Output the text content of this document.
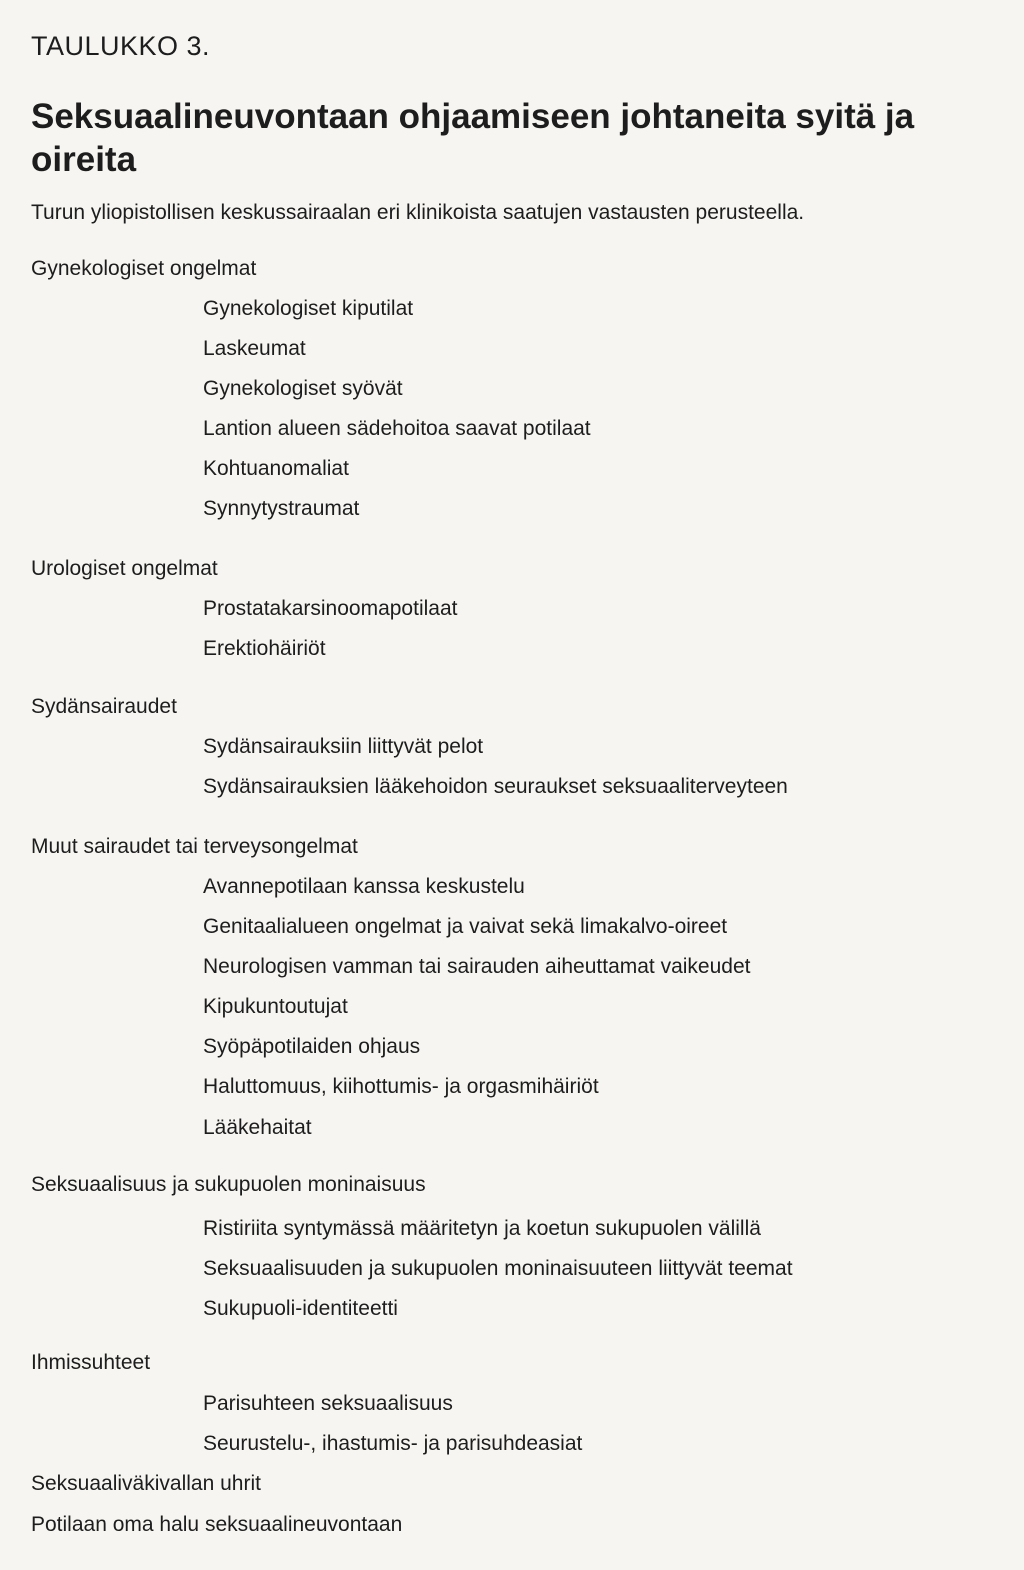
TAULUKKO 3.
Seksuaalineuvontaan ohjaamiseen johtaneita syitä ja oireita

Turun yliopistollisen keskussairaalan eri klinikoista saatujen vastausten perusteella.

Gynekologiset ongelmat
Gynekologiset kiputilat
Laskeumat
Gynekologiset syövät
Lantion alueen sädehoitoa saavat potilaat
Kohtuanomaliat
Synnytystraumat
Urologiset ongelmat
Prostatakarsinoomapotilaat
Erektiohäiriöt
Sydänsairaudet
Sydänsairauksiin liittyvät pelot
Sydänsairauksien lääkehoidon seuraukset seksuaaliterveyteen
Muut sairaudet tai terveysongelmat
Avannepotilaan kanssa keskustelu
Genitaalialueen ongelmat ja vaivat sekä limakalvo-oireet
Neurologisen vamman tai sairauden aiheuttamat vaikeudet
Kipukuntoutujat
Syöpäpotilaiden ohjaus
Haluttomuus, kiihottumis- ja orgasmihäiriöt
Lääkehaitat
Seksuaalisuus ja sukupuolen moninaisuus
Ristiriita syntymässä määritetyn ja koetun sukupuolen välillä
Seksuaalisuuden ja sukupuolen moninaisuuteen liittyvät teemat
Sukupuoli-identiteetti
Ihmissuhteet
Parisuhteen seksuaalisuus
Seurustelu-, ihastumis- ja parisuhdeasiat
Seksuaaliväkivallan uhrit
Potilaan oma halu seksuaalineuvontaan
